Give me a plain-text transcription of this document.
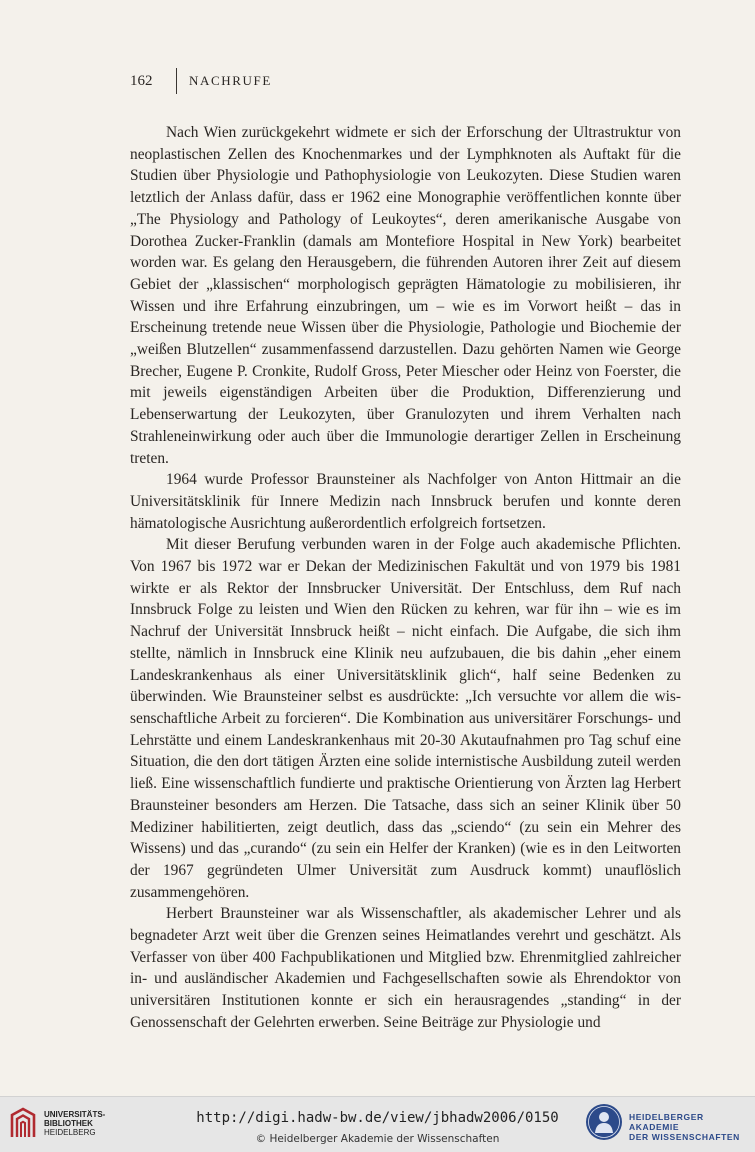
162	NACHRUFE

Nach Wien zurückgekehrt widmete er sich der Erforschung der Ultrastruktur von neoplastischen Zellen des Knochenmarkes und der Lymphknoten als Auftakt für die Studien über Physiologie und Pathophysiologie von Leukozyten. Diese Studien waren letztlich der Anlass dafür, dass er 1962 eine Monographie veröffentlichen konnte über „The Physiology and Pathology of Leukoytes“, deren amerikanische Ausgabe von Dorothea Zucker-Franklin (damals am Montefiore Hospital in New York) bearbeitet worden war. Es gelang den Herausgebern, die führenden Autoren ihrer Zeit auf diesem Gebiet der „klassischen“ morphologisch geprägten Hämatologie zu mobilisieren, ihr Wissen und ihre Erfahrung einzubringen, um – wie es im Vorwort heißt – das in Erscheinung tretende neue Wissen über die Physiologie, Pathologie und Biochemie der „weißen Blutzellen“ zusammenfassend darzustellen. Dazu gehörten Namen wie George Brecher, Eugene P. Cronkite, Rudolf Gross, Peter Miescher oder Heinz von Foerster, die mit jeweils eigenständigen Arbeiten über die Produktion, Differenzierung und Lebenserwartung der Leukozyten, über Granulozyten und ihrem Verhalten nach Strahleneinwirkung oder auch über die Immunologie derartiger Zellen in Erscheinung treten.

1964 wurde Professor Braunsteiner als Nachfolger von Anton Hittmair an die Universitätsklinik für Innere Medizin nach Innsbruck berufen und konnte deren hämatologische Ausrichtung außerordentlich erfolgreich fortsetzen.

Mit dieser Berufung verbunden waren in der Folge auch akademische Pflichten. Von 1967 bis 1972 war er Dekan der Medizinischen Fakultät und von 1979 bis 1981 wirkte er als Rektor der Innsbrucker Universität. Der Entschluss, dem Ruf nach Innsbruck Folge zu leisten und Wien den Rücken zu kehren, war für ihn – wie es im Nachruf der Universität Innsbruck heißt – nicht einfach. Die Aufgabe, die sich ihm stellte, nämlich in Innsbruck eine Klinik neu aufzubauen, die bis dahin „eher einem Landeskrankenhaus als einer Universitätsklinik glich“, half seine Bedenken zu überwinden. Wie Braunsteiner selbst es ausdrückte: „Ich versuchte vor allem die wissenschaftliche Arbeit zu forcieren“. Die Kombination aus universitärer Forschungs- und Lehrstätte und einem Landeskrankenhaus mit 20-30 Akutaufnahmen pro Tag schuf eine Situation, die den dort tätigen Ärzten eine solide internistische Ausbildung zuteil werden ließ. Eine wissenschaftlich fundierte und praktische Orientierung von Ärzten lag Herbert Braunsteiner besonders am Herzen. Die Tatsache, dass sich an seiner Klinik über 50 Mediziner habilitierten, zeigt deutlich, dass das „sciendo“ (zu sein ein Mehrer des Wissens) und das „curando“ (zu sein ein Helfer der Kranken) (wie es in den Leitworten der 1967 gegründeten Ulmer Universität zum Ausdruck kommt) unauflöslich zusammengehören.

Herbert Braunsteiner war als Wissenschaftler, als akademischer Lehrer und als begnadeter Arzt weit über die Grenzen seines Heimatlandes verehrt und geschätzt. Als Verfasser von über 400 Fachpublikationen und Mitglied bzw. Ehrenmitglied zahlreicher in- und ausländischer Akademien und Fachgesellschaften sowie als Ehrendoktor von universitären Institutionen konnte er sich ein herausragendes „standing“ in der Genossenschaft der Gelehrten erwerben. Seine Beiträge zur Physiologie und

UNIVERSITÄTS-
BIBLIOTHEK
HEIDELBERG
http://digi.hadw-bw.de/view/jbhadw2006/0150
© Heidelberger Akademie der Wissenschaften
HEIDELBERGER AKADEMIE
DER WISSENSCHAFTEN
